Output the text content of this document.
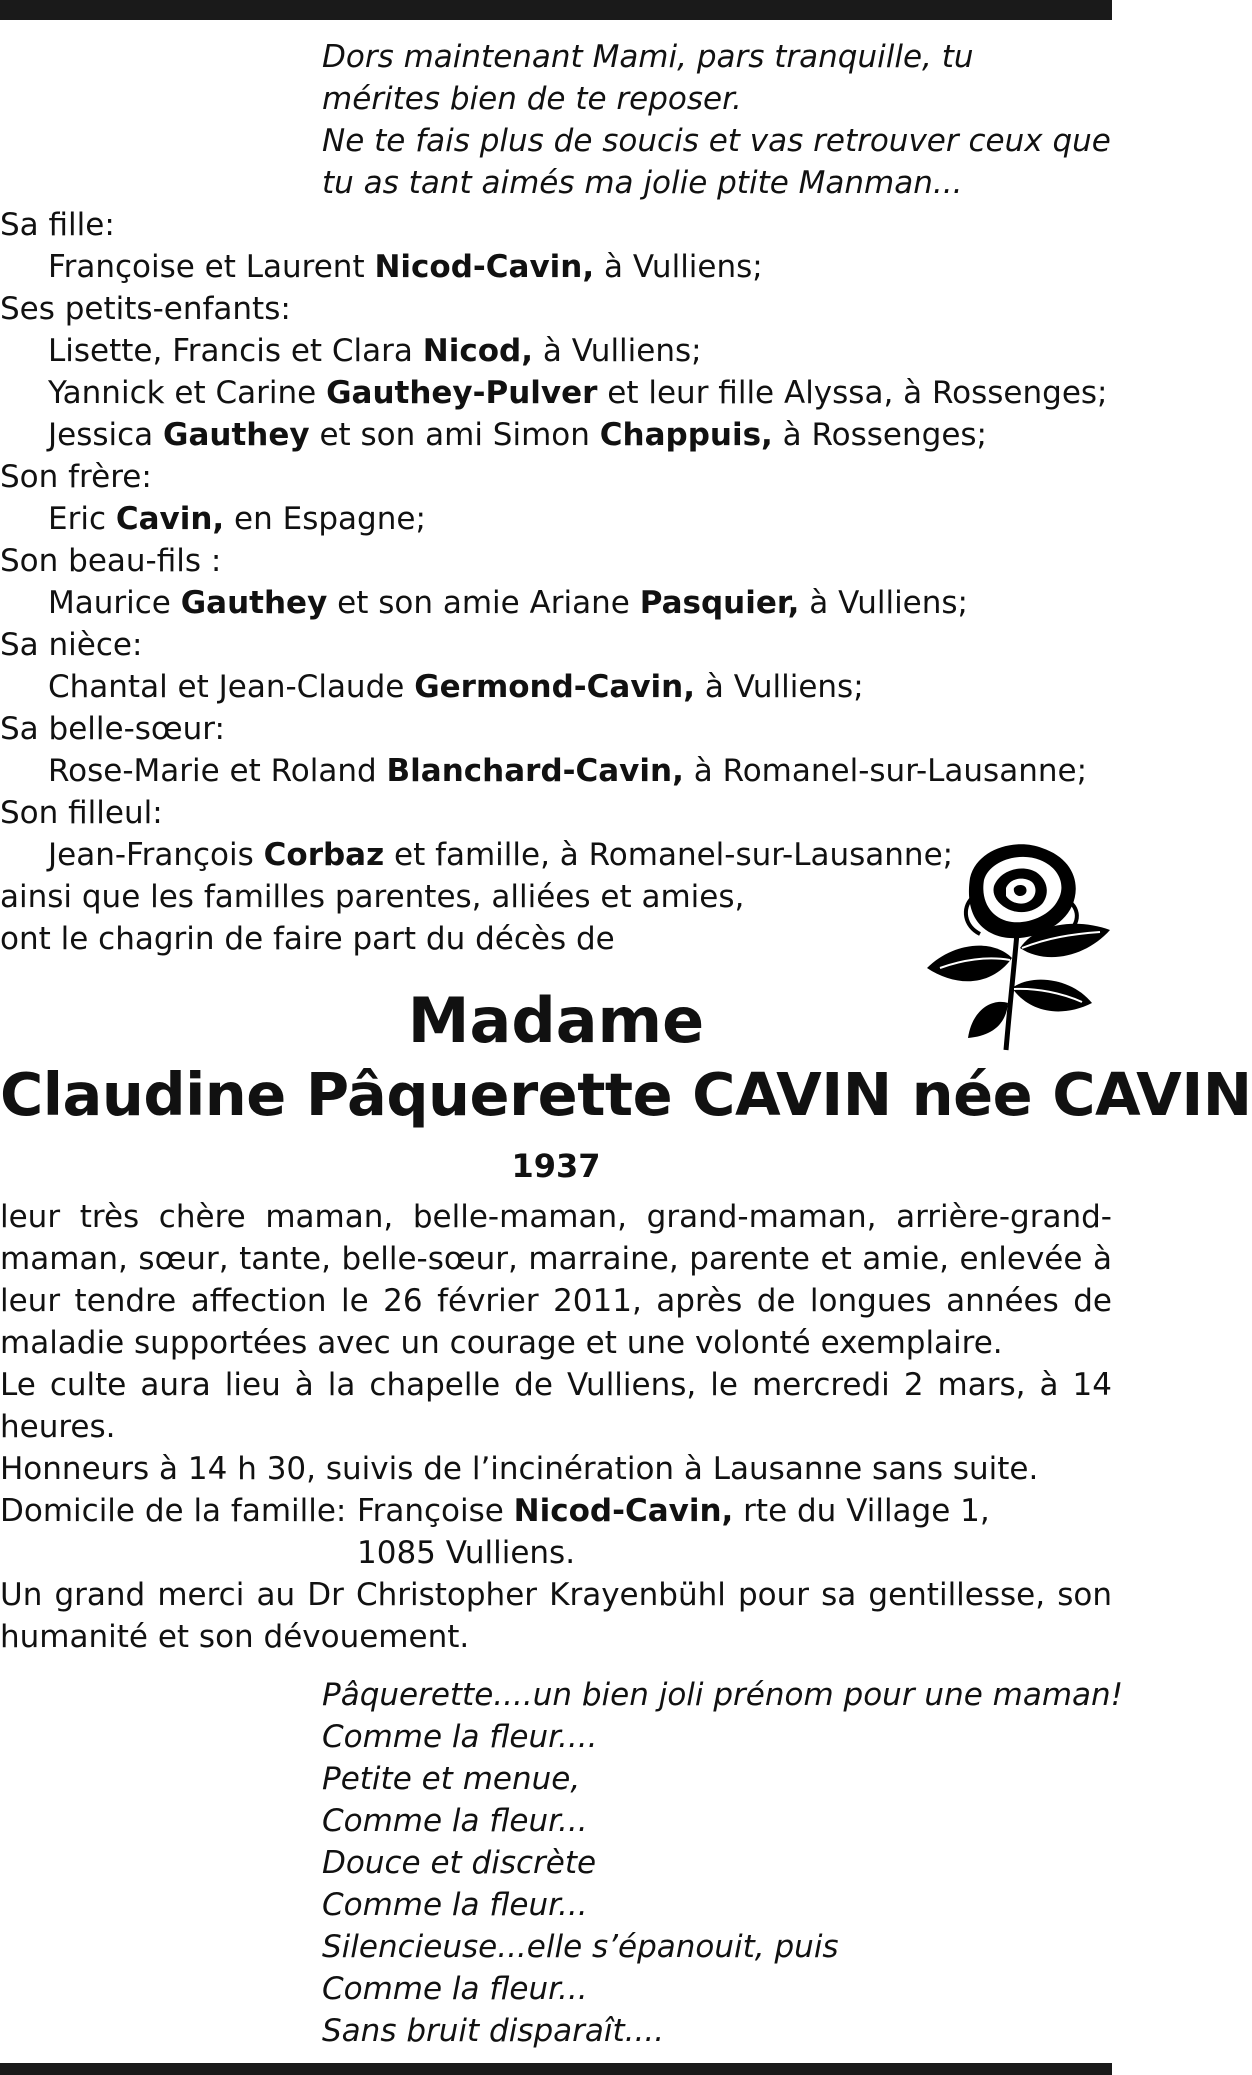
Dors maintenant Mami, pars tranquille, tu
mérites bien de te reposer.
Ne te fais plus de soucis et vas retrouver ceux que
tu as tant aimés ma jolie ptite Manman...
Sa fille:
Françoise et Laurent Nicod-Cavin, à Vulliens;
Ses petits-enfants:
Lisette, Francis et Clara Nicod, à Vulliens;
Yannick et Carine Gauthey-Pulver et leur fille Alyssa, à Rossenges;
Jessica Gauthey et son ami Simon Chappuis, à Rossenges;
Son frère:
Eric Cavin, en Espagne;
Son beau-fils :
Maurice Gauthey et son amie Ariane Pasquier, à Vulliens;
Sa nièce:
Chantal et Jean-Claude Germond-Cavin, à Vulliens;
Sa belle-sœur:
Rose-Marie et Roland Blanchard-Cavin, à Romanel-sur-Lausanne;
Son filleul:
Jean-François Corbaz et famille, à Romanel-sur-Lausanne;
ainsi que les familles parentes, alliées et amies,
ont le chagrin de faire part du décès de
Madame
Claudine Pâquerette CAVIN née CAVIN
1937
leur très chère maman, belle-maman, grand-maman, arrière-grand-maman, sœur, tante, belle-sœur, marraine, parente et amie, enlevée à leur tendre affection le 26 février 2011, après de longues années de maladie supportées avec un courage et une volonté exemplaire.
Le culte aura lieu à la chapelle de Vulliens, le mercredi 2 mars, à 14 heures.
Honneurs à 14 h 30, suivis de l’incinération à Lausanne sans suite.
Domicile de la famille: Françoise Nicod-Cavin, rte du Village 1,
1085 Vulliens.
Un grand merci au Dr Christopher Krayenbühl pour sa gentillesse, son humanité et son dévouement.
Pâquerette....un bien joli prénom pour une maman!
Comme la fleur....
Petite et menue,
Comme la fleur...
Douce et discrète
Comme la fleur...
Silencieuse...elle s’épanouit, puis
Comme la fleur...
Sans bruit disparaît....
